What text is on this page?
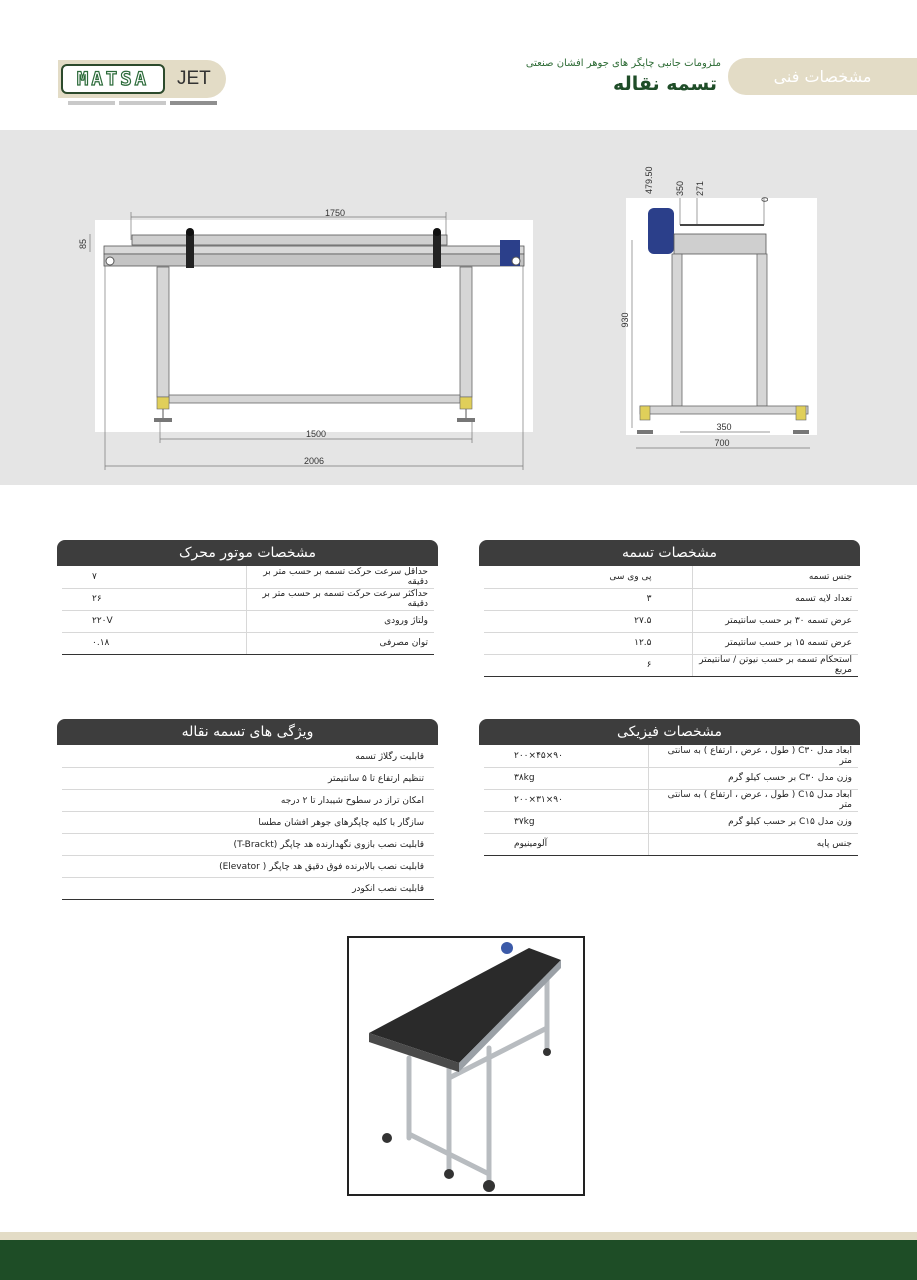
MATSA	JET
ملزومات جانبی چاپگر های جوهر افشان صنعتی
تسمه نقاله	مشخصات فنی
1750
85
1500
2006
479.50 350 271
0
930
350
700
مشخصات تسمه
جنس تسمه	پی وی سی
تعداد لایه تسمه	۳
عرض تسمه ۳۰ بر حسب سانتیمتر	۲۷.۵
عرض تسمه ۱۵ بر حسب سانتیمتر	۱۲.۵
استحکام تسمه بر حسب نیوتن / سانتیمتر مربع	۶
مشخصات موتور محرک
حداقل سرعت حرکت تسمه بر حسب متر بر دقیقه	۷
حداکثر سرعت حرکت تسمه بر حسب متر بر دقیقه	۲۶
ولتاژ ورودی	۲۲۰V
توان مصرفی	۰.۱۸
مشخصات فیزیکی
ابعاد مدل C۳۰ ( طول ، عرض ، ارتفاع ) به سانتی متر	۹۰×۴۵×۲۰۰
وزن مدل C۳۰ بر حسب کیلو گرم	۳۸kg
ابعاد مدل C۱۵ ( طول ، عرض ، ارتفاع ) به سانتی متر	۹۰×۳۱×۲۰۰
وزن مدل C۱۵ بر حسب کیلو گرم	۳۷kg
جنس پایه	آلومینیوم
ویژگی های تسمه نقاله
قابلیت رگلاژ تسمه
تنظیم ارتفاع تا ۵ سانتیمتر
امکان تراز در سطوح شیبدار تا ۲ درجه
سازگار با کلیه چاپگرهای جوهر افشان مطسا
قابلیت نصب بازوی نگهدارنده هد چاپگر (T-Brackt)
قابلیت نصب بالابرنده فوق دقیق هد چاپگر ( Elevator)
قابلیت نصب انکودر
